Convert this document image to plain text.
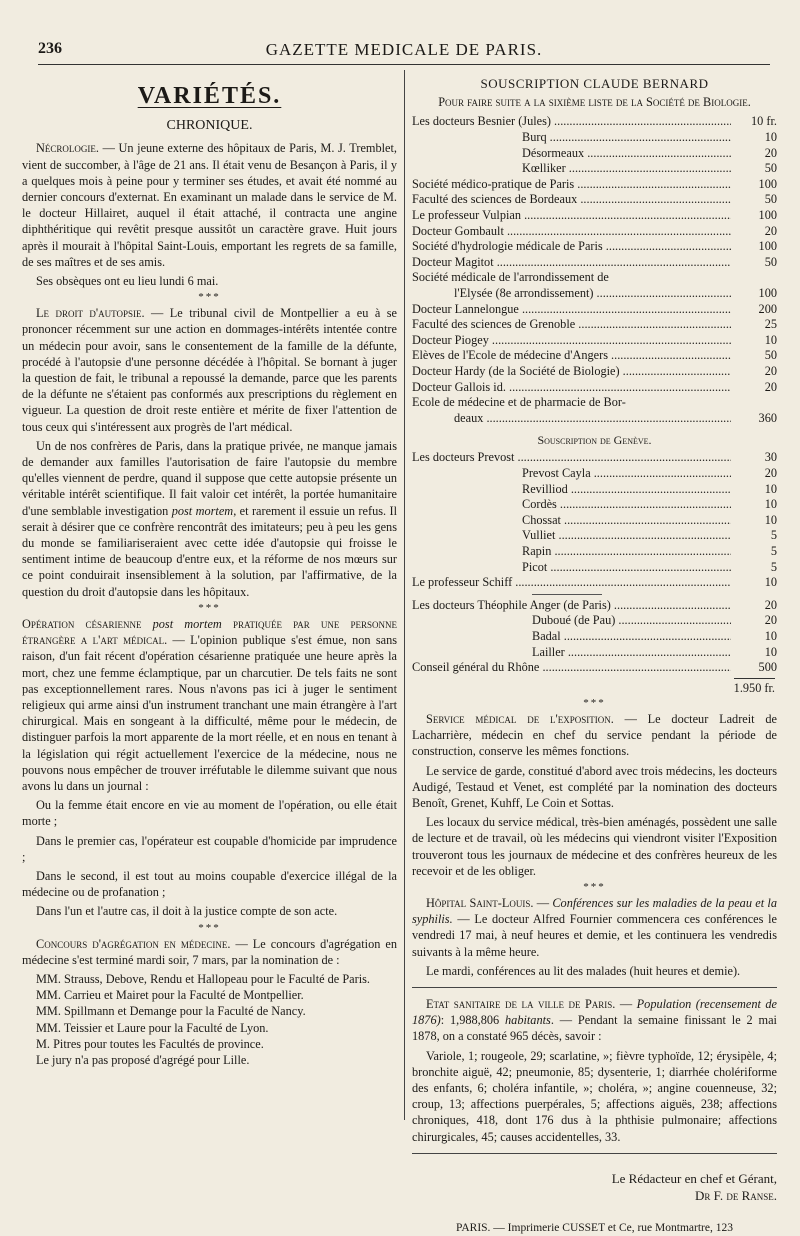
236	GAZETTE MEDICALE DE PARIS.
VARIÉTÉS.
CHRONIQUE.

Nécrologie. — Un jeune externe des hôpitaux de Paris, M. J. Tremblet, vient de succomber, à l'âge de 21 ans. Il était venu de Besançon à Paris, il y a quelques mois à peine pour y terminer ses études, et avait été nommé au dernier concours d'externat. En examinant un malade dans le service de M. le docteur Hillairet, auquel il était attaché, il contracta une angine diphthéritique qui revêtit presque aussitôt un caractère grave. Huit jours après il mourait à l'hôpital Saint-Louis, emportant les regrets de sa famille, de ses maîtres et de ses amis.

Ses obsèques ont eu lieu lundi 6 mai.

***

Le droit d'autopsie. — Le tribunal civil de Montpellier a eu à se prononcer récemment sur une action en dommages-intérêts intentée contre un médecin pour avoir, sans le consentement de la famille de la défunte, procédé à l'autopsie d'une personne décédée à l'hôpital. Se bornant à juger la question de fait, le tribunal a repoussé la demande, parce que les parents de la défunte ne s'étaient pas conformés aux prescriptions du règlement en vigueur. La question de droit reste entière et mérite de fixer l'attention de tous ceux qui s'intéressent aux progrès de l'art médical.

Un de nos confrères de Paris, dans la pratique privée, ne manque jamais de demander aux familles l'autorisation de faire l'autopsie du membre qu'elles viennent de perdre, quand il suppose que cette autopsie présente un véritable intérêt scientifique. Il fait valoir cet intérêt, la portée humanitaire d'une semblable investigation post mortem, et rarement il essuie un refus. Il serait à désirer que ce confrère rencontrât des imitateurs; peu à peu les gens du monde se familiariseraient avec cette idée d'autopsie qui froisse le sentiment intime de beaucoup d'entre eux, et la réforme de nos mœurs sur ce point conduirait insensiblement à la solution, par l'affirmative, de la question du droit d'autopsie dans les hôpitaux.

***

Opération césarienne post mortem pratiquée par une personne étrangère a l'art médical. — L'opinion publique s'est émue, non sans raison, d'un fait récent d'opération césarienne pratiquée une heure après la mort, chez une femme éclamptique, par un charcutier. De tels faits ne sont pas exceptionnellement rares. Nous n'avons pas ici à juger le sentiment religieux qui arme ainsi d'un instrument tranchant une main étrangère à l'art chirurgical. Mais en songeant à la difficulté, même pour le médecin, de distinguer parfois la mort apparente de la mort réelle, et en nous en tenant à la législation qui régit actuellement l'exercice de la médecine, nous ne pouvons nous empêcher de trouver irréfutable le dilemme suivant que nous avons lu dans un journal :

Ou la femme était encore en vie au moment de l'opération, ou elle était morte ;

Dans le premier cas, l'opérateur est coupable d'homicide par imprudence ;

Dans le second, il est tout au moins coupable d'exercice illégal de la médecine ou de profanation ;

Dans l'un et l'autre cas, il doit à la justice compte de son acte.

***

Concours d'agrégation en médecine. — Le concours d'agrégation en médecine s'est terminé mardi soir, 7 mars, par la nomination de :

MM. Strauss, Debove, Rendu et Hallopeau pour le Faculté de Paris.

MM. Carrieu et Mairet pour la Faculté de Montpellier.

MM. Spillmann et Demange pour la Faculté de Nancy.

MM. Teissier et Laure pour la Faculté de Lyon.

M. Pitres pour toutes les Facultés de province.

Le jury n'a pas proposé d'agrégé pour Lille.

SOUSCRIPTION CLAUDE BERNARD
Pour faire suite a la sixième liste de la Société de Biologie.
Les docteurs Besnier (Jules) .....	10 fr.
Burq .....	10
Désormeaux .....	20
Kœlliker .....	50
Société médico-pratique de Paris .....	100
Faculté des sciences de Bordeaux .....	50
Le professeur Vulpian .....	100
Docteur Gombault .....	20
Société d'hydrologie médicale de Paris .....	100
Docteur Magitot .....	50
Société médicale de l'arrondissement de
l'Elysée (8e arrondissement) .....	100
Docteur Lannelongue .....	200
Faculté des sciences de Grenoble .....	25
Docteur Piogey .....	10
Elèves de l'Ecole de médecine d'Angers .....	50
Docteur Hardy (de la Société de Biologie) .....	20
Docteur Gallois id. .....	20
Ecole de médecine et de pharmacie de Bor-
deaux .....	360
Souscription de Genève.
Les docteurs Prevost .....	30
Prevost Cayla .....	20
Revilliod .....	10
Cordès .....	10
Chossat .....	10
Vulliet .....	5
Rapin .....	5
Picot .....	5
Le professeur Schiff .....	10
Les docteurs Théophile Anger (de Paris) .....	20
Duboué (de Pau) .....	20
Badal .....	10
Lailler .....	10
Conseil général du Rhône .....	500
1.950 fr.
***

Service médical de l'exposition. — Le docteur Ladreit de Lacharrière, médecin en chef du service pendant la période de construction, conserve les mêmes fonctions.

Le service de garde, constitué d'abord avec trois médecins, les docteurs Audigé, Testaud et Venet, est complété par la nomination des docteurs Benoît, Grenet, Kuhff, Le Coin et Sottas.

Les locaux du service médical, très-bien aménagés, possèdent une salle de lecture et de travail, où les médecins qui viendront visiter l'Exposition trouveront tous les journaux de médecine et des confrères heureux de les recevoir et de les obliger.

***

Hôpital Saint-Louis. — Conférences sur les maladies de la peau et la syphilis. — Le docteur Alfred Fournier commencera ces conférences le vendredi 17 mai, à neuf heures et demie, et les continuera les vendredis suivants à la même heure.

Le mardi, conférences au lit des malades (huit heures et demie).

Etat sanitaire de la ville de Paris. — Population (recensement de 1876): 1,988,806 habitants. — Pendant la semaine finissant le 2 mai 1878, on a constaté 965 décès, savoir :

Variole, 1; rougeole, 29; scarlatine, »; fièvre typhoïde, 12; érysipèle, 4; bronchite aiguë, 42; pneumonie, 85; dysenterie, 1; diarrhée cholériforme des enfants, 6; choléra infantile, »; choléra, »; angine couenneuse, 32; croup, 13; affections puerpérales, 5; affections aiguës, 238; affections chroniques, 418, dont 176 dus à la phthisie pulmonaire; affections chirurgicales, 45; causes accidentelles, 33.

Le Rédacteur en chef et Gérant,
Dr F. de Ranse.
PARIS. — Imprimerie CUSSET et Ce, rue Montmartre, 123
